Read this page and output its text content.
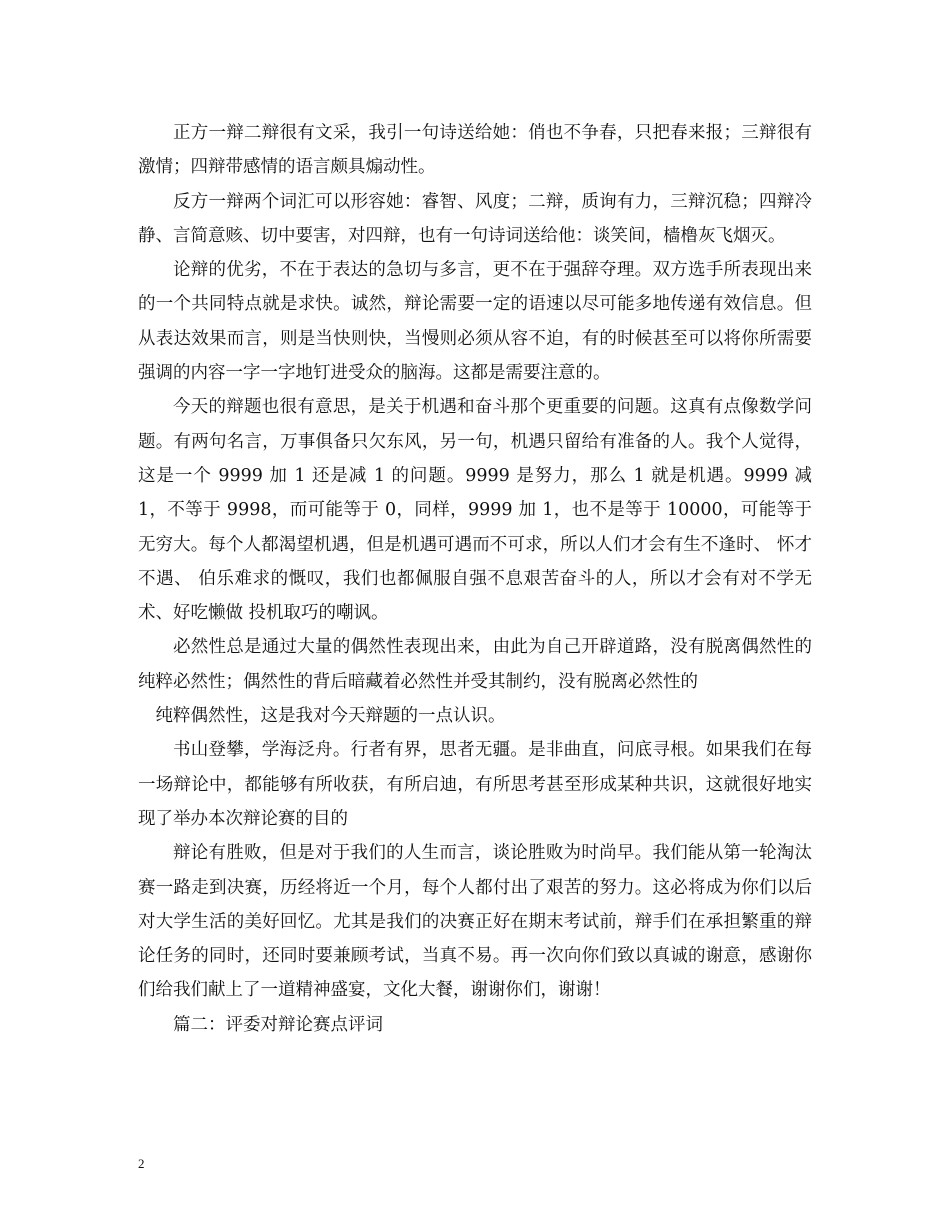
正方一辩二辩很有文采，我引一句诗送给她：俏也不争春，只把春来报；三辩很有激情；四辩带感情的语言颇具煽动性。

反方一辩两个词汇可以形容她：睿智、风度；二辩，质询有力，三辩沉稳；四辩冷静、言简意赅、切中要害，对四辩，也有一句诗词送给他：谈笑间，樯橹灰飞烟灭。

论辩的优劣，不在于表达的急切与多言，更不在于强辞夺理。双方选手所表现出来的一个共同特点就是求快。诚然，辩论需要一定的语速以尽可能多地传递有效信息。但从表达效果而言，则是当快则快，当慢则必须从容不迫，有的时候甚至可以将你所需要强调的内容一字一字地钉进受众的脑海。这都是需要注意的。

今天的辩题也很有意思，是关于机遇和奋斗那个更重要的问题。这真有点像数学问题。有两句名言，万事俱备只欠东风，另一句，机遇只留给有准备的人。我个人觉得，这是一个 9999 加 1 还是减 1 的问题。9999 是努力，那么 1 就是机遇。9999 减 1，不等于 9998，而可能等于 0，同样，9999 加 1，也不是等于 10000，可能等于无穷大。每个人都渴望机遇，但是机遇可遇而不可求，所以人们才会有生不逢时、 怀才不遇、 伯乐难求的慨叹，我们也都佩服自强不息艰苦奋斗的人，所以才会有对不学无术、好吃懒做 投机取巧的嘲讽。

必然性总是通过大量的偶然性表现出来，由此为自己开辟道路，没有脱离偶然性的纯粹必然性；偶然性的背后暗藏着必然性并受其制约，没有脱离必然性的

纯粹偶然性，这是我对今天辩题的一点认识。

书山登攀，学海泛舟。行者有界，思者无疆。是非曲直，问底寻根。如果我们在每一场辩论中，都能够有所收获，有所启迪，有所思考甚至形成某种共识，这就很好地实现了举办本次辩论赛的目的

辩论有胜败，但是对于我们的人生而言，谈论胜败为时尚早。我们能从第一轮淘汰赛一路走到决赛，历经将近一个月，每个人都付出了艰苦的努力。这必将成为你们以后对大学生活的美好回忆。尤其是我们的决赛正好在期末考试前，辩手们在承担繁重的辩论任务的同时，还同时要兼顾考试，当真不易。再一次向你们致以真诚的谢意，感谢你们给我们献上了一道精神盛宴，文化大餐，谢谢你们，谢谢！

篇二：评委对辩论赛点评词

2
